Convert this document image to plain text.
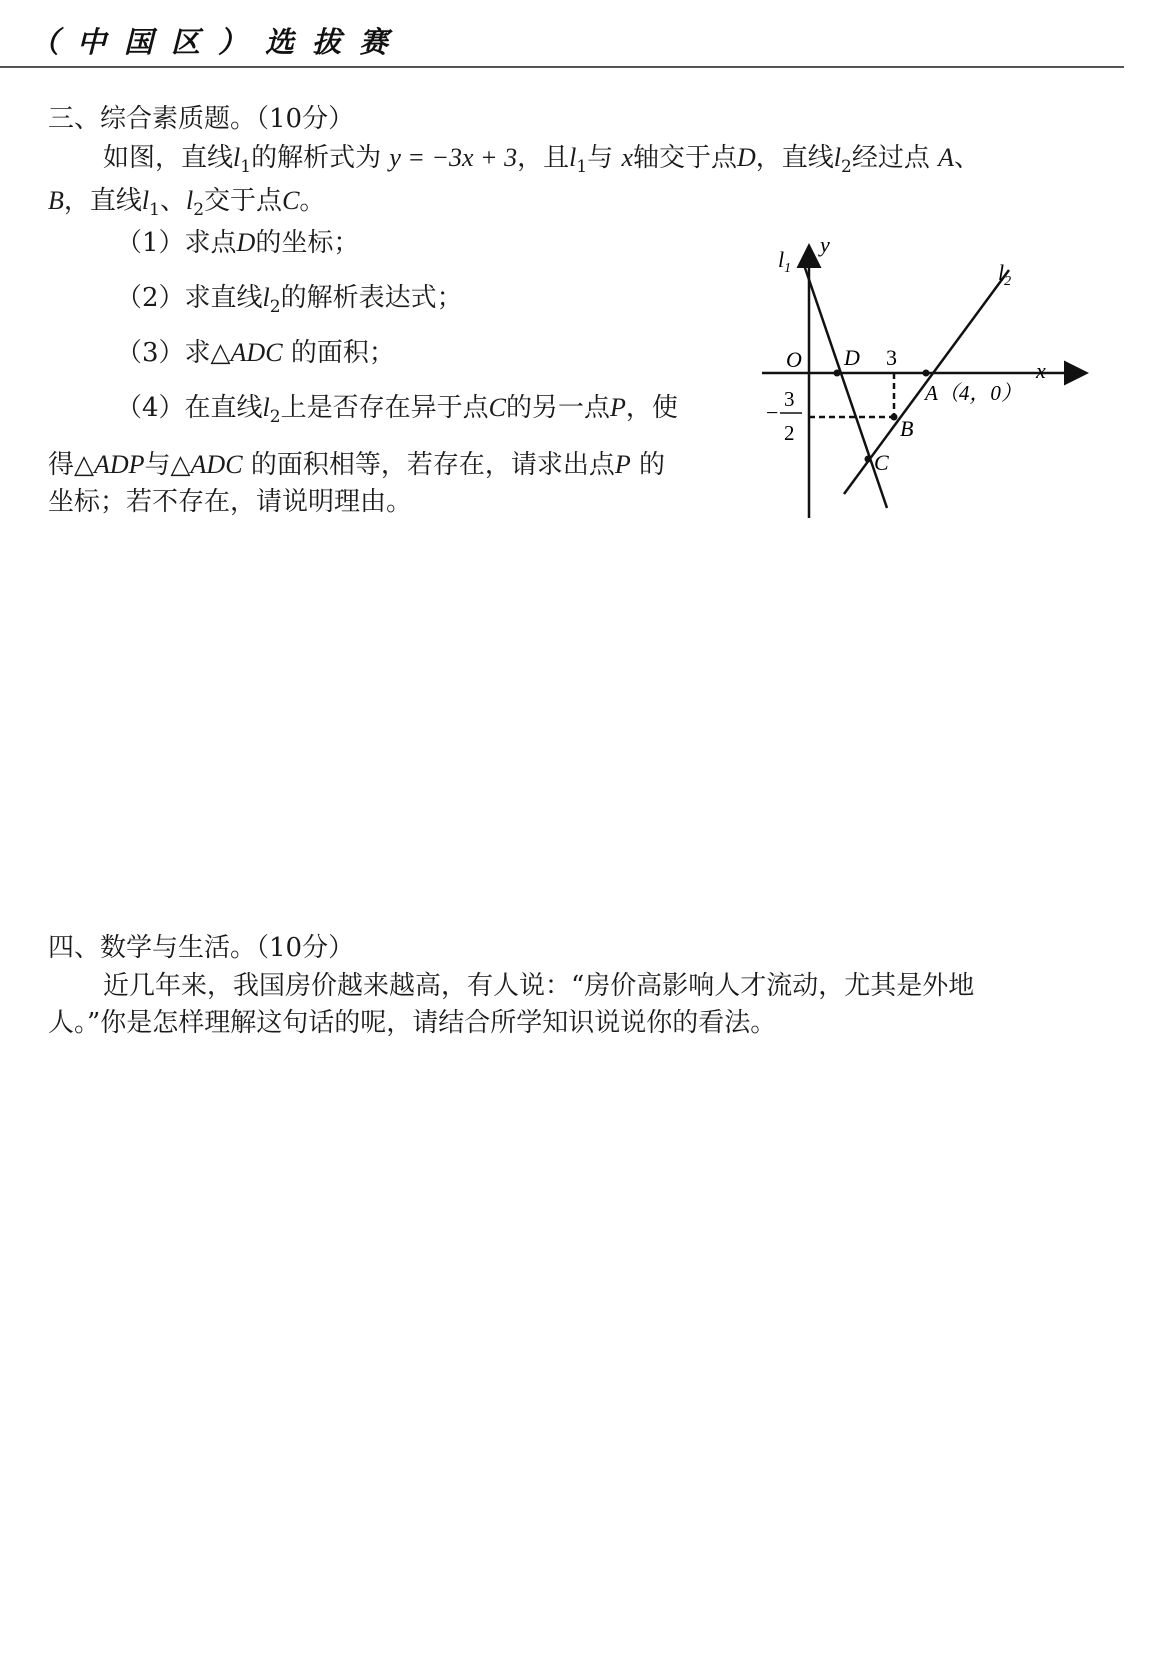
（中国区）选拔赛
三、综合素质题。（10分）
如图，直线$l_1$的解析式为 y = −3x + 3，且$l_1$与 x轴交于点D，直线$l_2$经过点 A、
B，直线$l_1$、$l_2$交于点C。
（1）求点D的坐标；
（2）求直线$l_2$的解析表达式；
（3）求△ADC 的面积；
（4）在直线$l_2$上是否存在异于点C的另一点P，使
得△ADP与△ADC 的面积相等，若存在，请求出点P 的
坐标；若不存在，请说明理由。
$l_1$	$l_2$
y
x
O D 3
A（4，0）
−
3
2	B
C
四、数学与生活。（10分）
近几年来，我国房价越来越高，有人说：“房价高影响人才流动，尤其是外地
人。”你是怎样理解这句话的呢，请结合所学知识说说你的看法。
